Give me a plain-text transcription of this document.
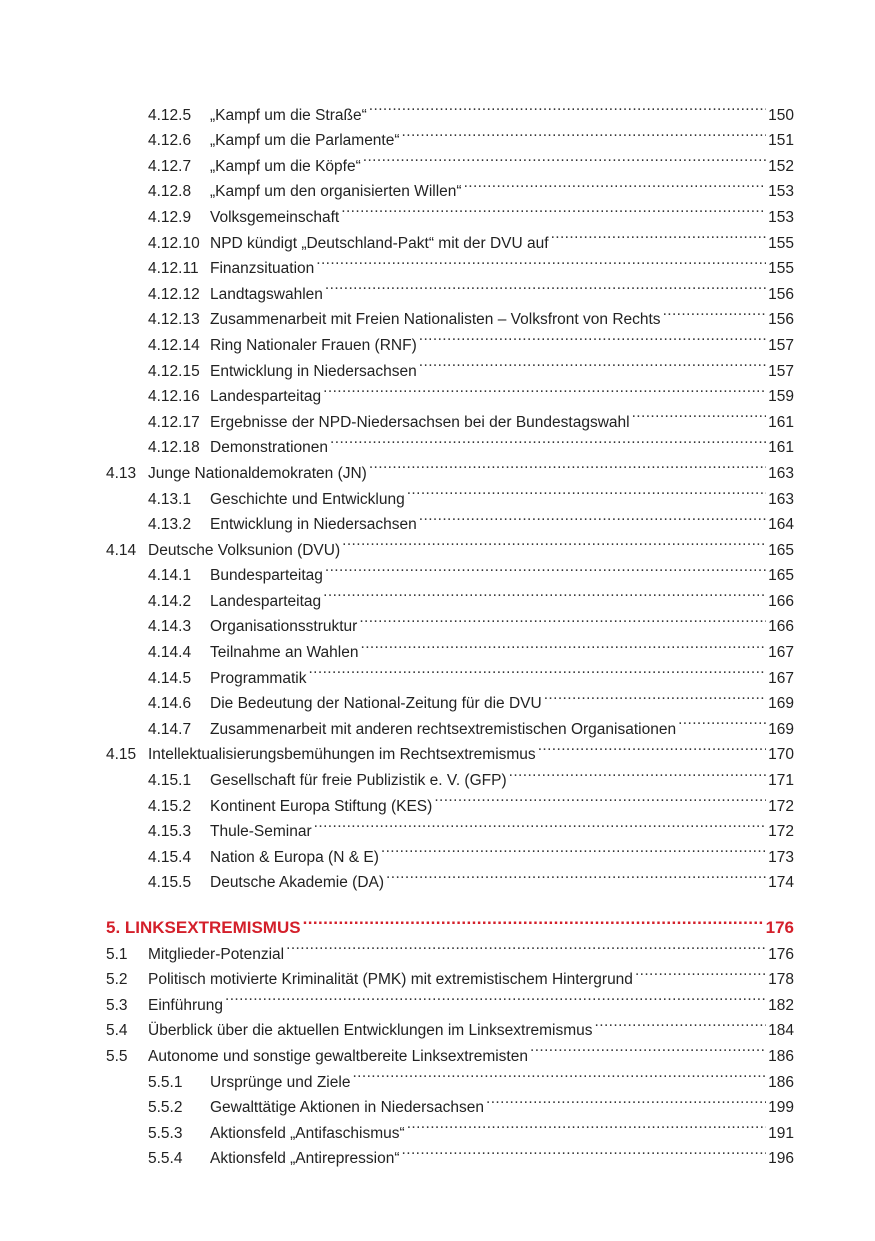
4.12.5	„Kampf um die Straße“ .....	150
4.12.6	„Kampf um die Parlamente“ .....	151
4.12.7	„Kampf um die Köpfe“ .....	152
4.12.8	„Kampf um den organisierten Willen“ .....	153
4.12.9	Volksgemeinschaft .....	153
4.12.10 NPD kündigt „Deutschland-Pakt“ mit der DVU auf .....	155
4.12.11 Finanzsituation .....	155
4.12.12 Landtagswahlen .....	156
4.12.13 Zusammenarbeit mit Freien Nationalisten – Volksfront von Rechts .....	156
4.12.14 Ring Nationaler Frauen (RNF) .....	157
4.12.15 Entwicklung in Niedersachsen .....	157
4.12.16 Landesparteitag .....	159
4.12.17 Ergebnisse der NPD-Niedersachsen bei der Bundestagswahl .....	161
4.12.18 Demonstrationen .....	161
4.13 Junge Nationaldemokraten (JN) .....	163
4.13.1	Geschichte und Entwicklung .....	163
4.13.2	Entwicklung in Niedersachsen .....	164
4.14 Deutsche Volksunion (DVU) .....	165
4.14.1	Bundesparteitag .....	165
4.14.2	Landesparteitag .....	166
4.14.3	Organisationsstruktur .....	166
4.14.4	Teilnahme an Wahlen .....	167
4.14.5	Programmatik .....	167
4.14.6	Die Bedeutung der National-Zeitung für die DVU .....	169
4.14.7	Zusammenarbeit mit anderen rechtsextremistischen Organisationen .....	169
4.15 Intellektualisierungsbemühungen im Rechtsextremismus .....	170
4.15.1	Gesellschaft für freie Publizistik e. V. (GFP) .....	171
4.15.2	Kontinent Europa Stiftung (KES) .....	172
4.15.3	Thule-Seminar .....	172
4.15.4	Nation & Europa (N & E) .....	173
4.15.5	Deutsche Akademie (DA) .....	174
5. LINKSEXTREMISMUS .....	176
5.1	Mitglieder-Potenzial .....	176
5.2	Politisch motivierte Kriminalität (PMK) mit extremistischem Hintergrund .....	178
5.3	Einführung .....	182
5.4	Überblick über die aktuellen Entwicklungen im Linksextremismus .....	184
5.5	Autonome und sonstige gewaltbereite Linksextremisten .....	186
5.5.1	Ursprünge und Ziele .....	186
5.5.2	Gewalttätige Aktionen in Niedersachsen .....	199
5.5.3	Aktionsfeld „Antifaschismus“ .....	191
5.5.4	Aktionsfeld „Antirepression“ .....	196
